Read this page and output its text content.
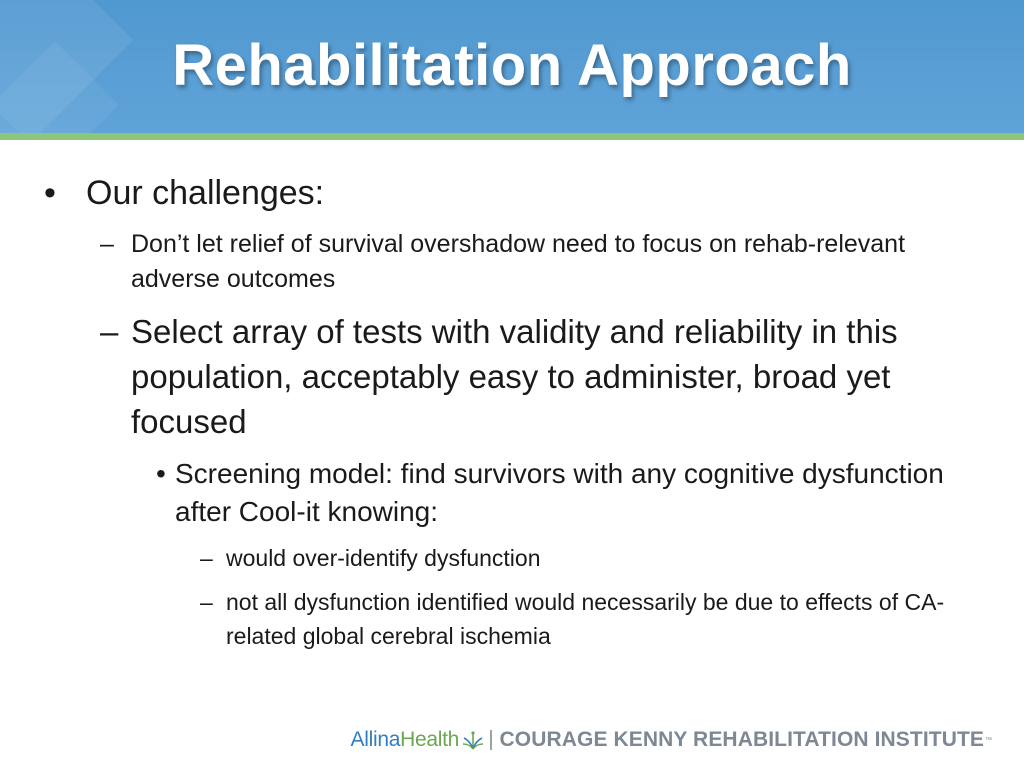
Rehabilitation Approach
• Our challenges:
– Don’t let relief of survival overshadow need to focus on rehab-relevant adverse outcomes
– Select array of tests with validity and reliability in this population, acceptably easy to administer, broad yet focused
• Screening model: find survivors with any cognitive dysfunction after Cool-it knowing:
– would over-identify dysfunction
– not all dysfunction identified would necessarily be due to effects of CA-related global cerebral ischemia
Allina Health COURAGE KENNY REHABILITATION INSTITUTE ™
